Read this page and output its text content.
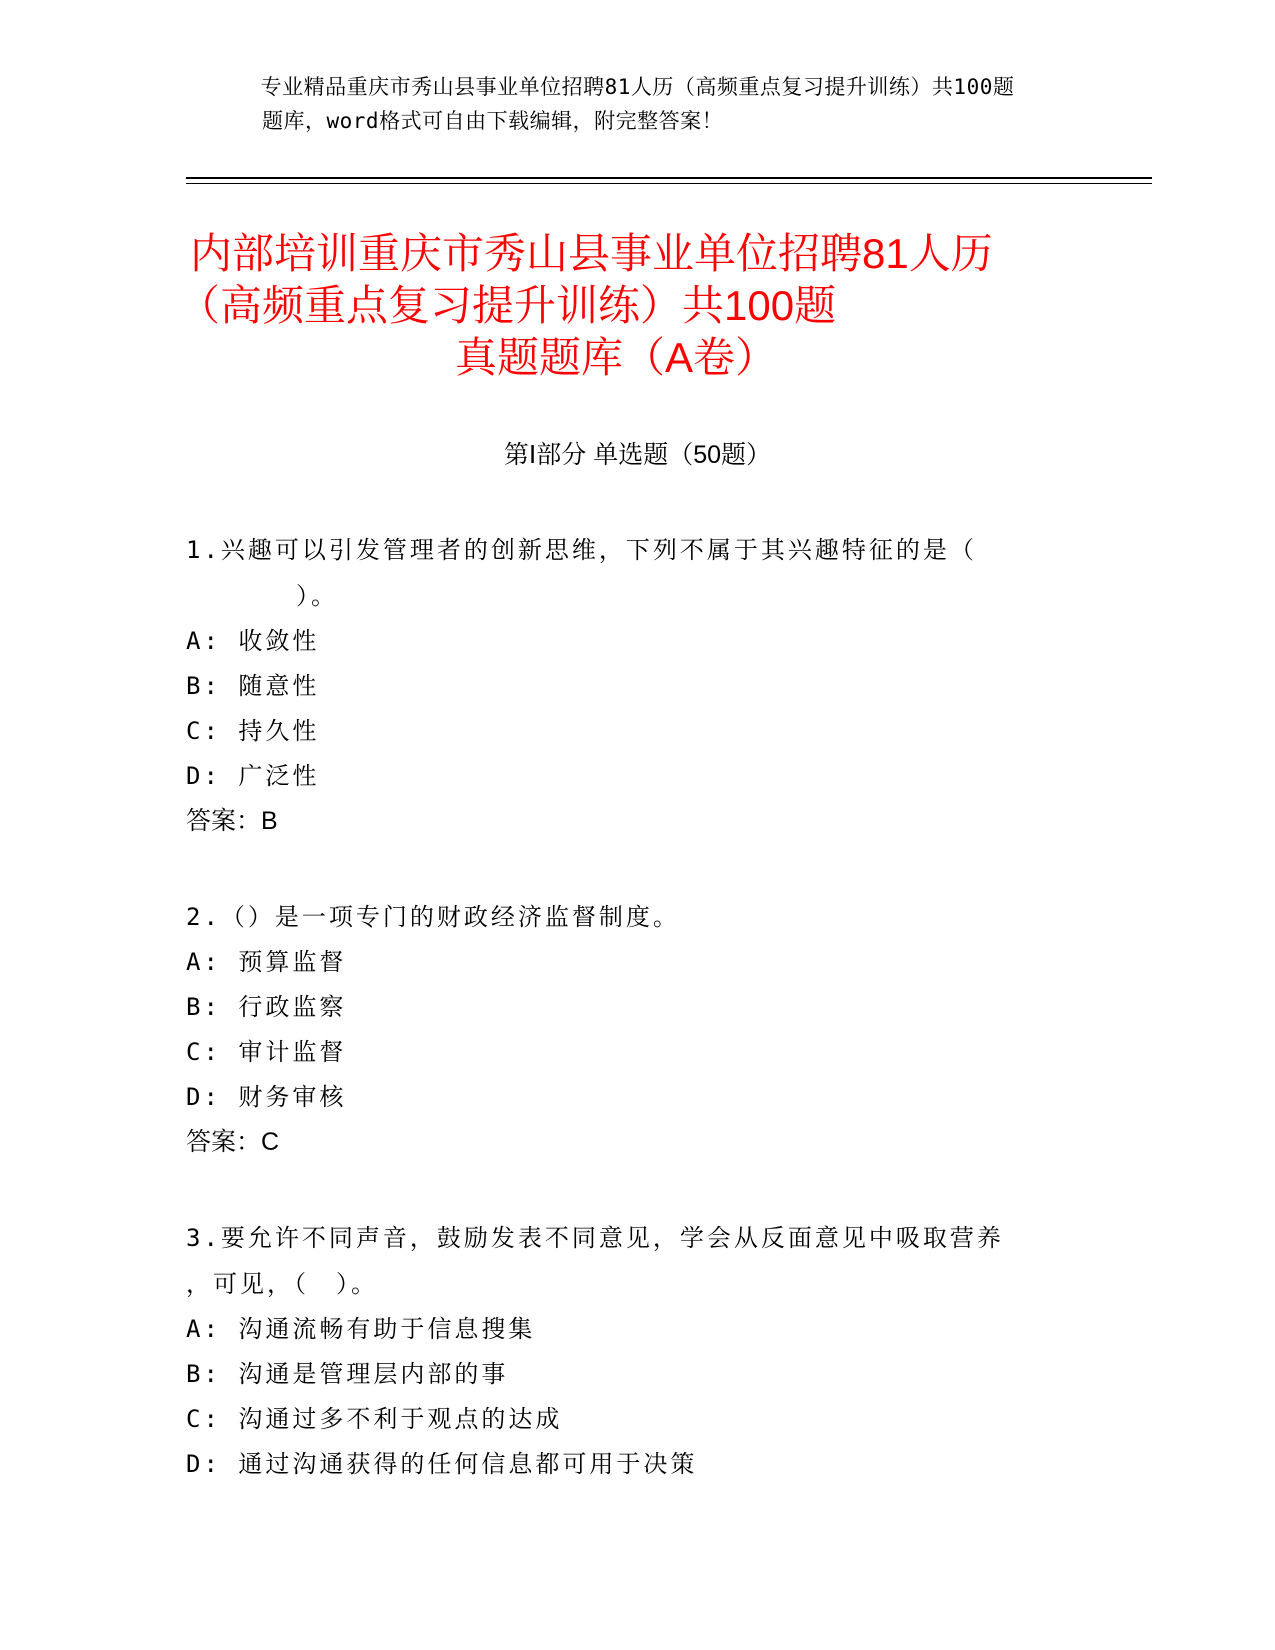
专业精品重庆市秀山县事业单位招聘81人历（高频重点复习提升训练）共100题
题库，word格式可自由下载编辑，附完整答案！
内部培训重庆市秀山县事业单位招聘81人历
（高频重点复习提升训练）共100题
真题题库（A卷）
第Ⅰ部分 单选题（50题）

1.兴趣可以引发管理者的创新思维，下列不属于其兴趣特征的是（

）。

A: 收敛性

B: 随意性

C: 持久性

D: 广泛性

答案：B

2.（）是一项专门的财政经济监督制度。

A: 预算监督

B: 行政监察

C: 审计监督

D: 财务审核

答案：C

3.要允许不同声音，鼓励发表不同意见，学会从反面意见中吸取营养

，可见，（　）。

A: 沟通流畅有助于信息搜集

B: 沟通是管理层内部的事

C: 沟通过多不利于观点的达成

D: 通过沟通获得的任何信息都可用于决策
